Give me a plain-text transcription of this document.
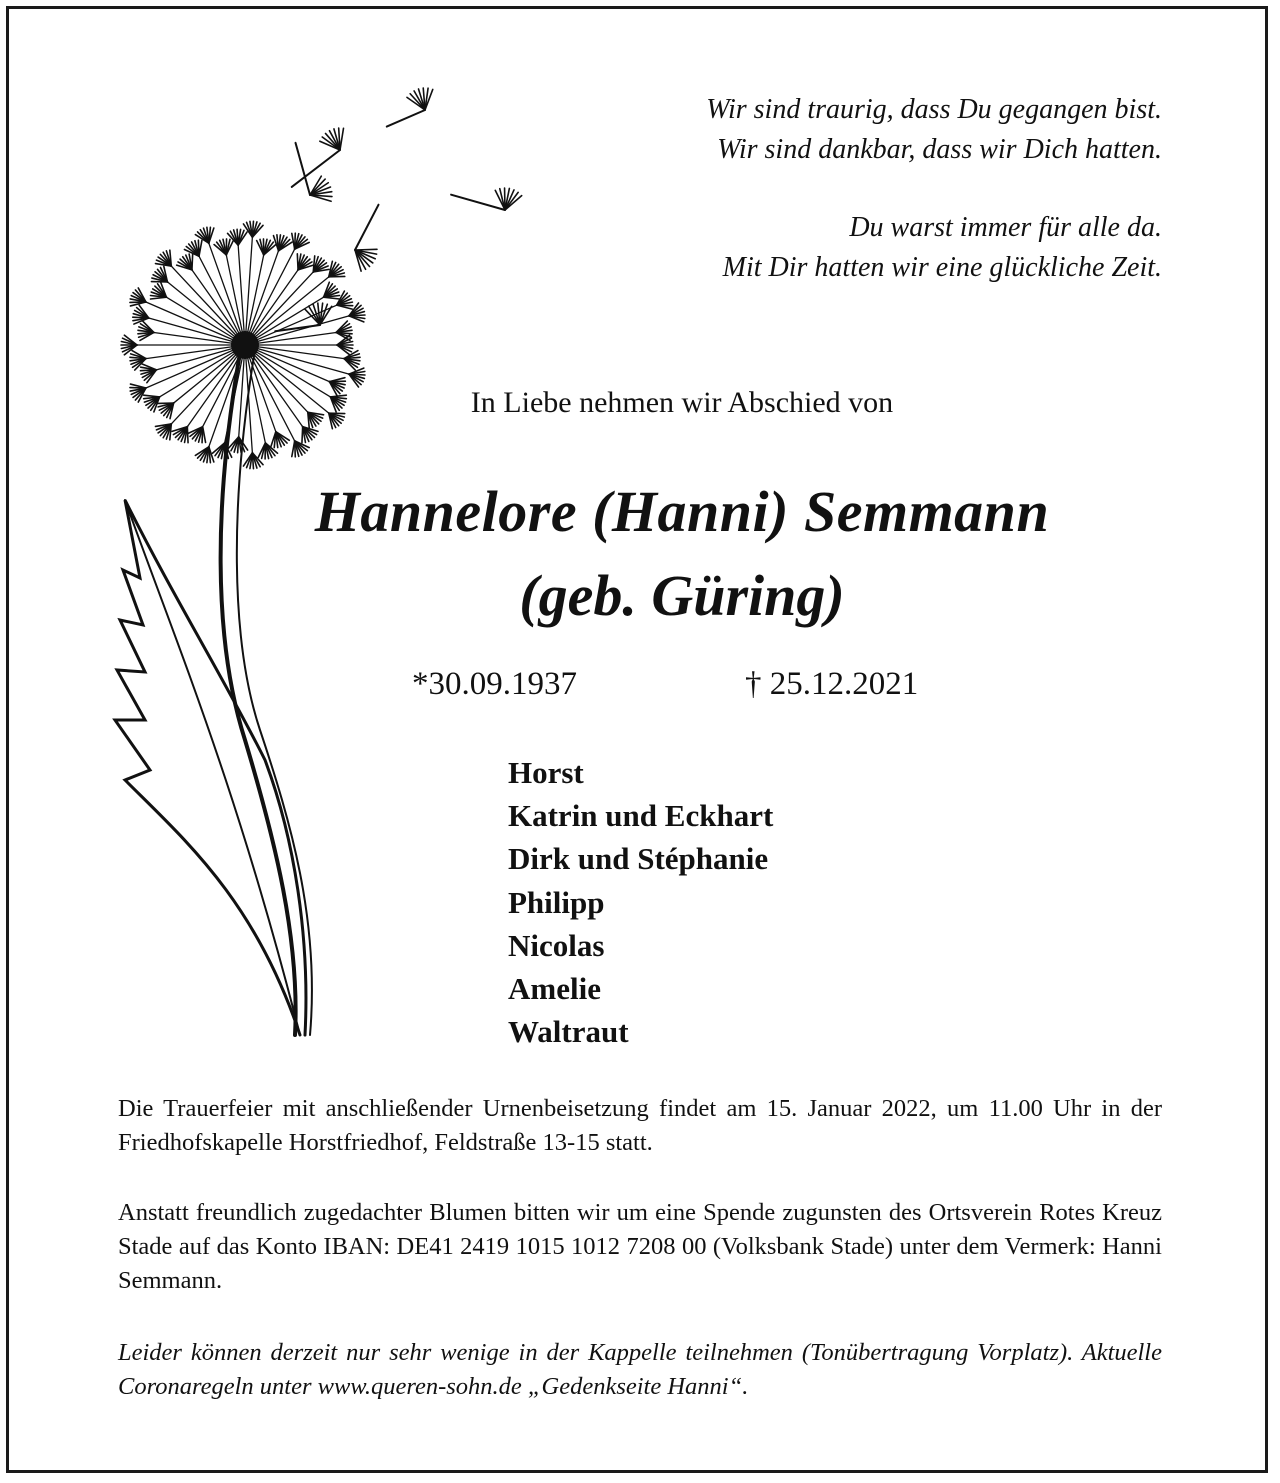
Wir sind traurig, dass Du gegangen bist.
Wir sind dankbar, dass wir Dich hatten.

Du warst immer für alle da.
Mit Dir hatten wir eine glückliche Zeit.

In Liebe nehmen wir Abschied von
Hannelore (Hanni) Semmann
(geb. Güring)
*30.09.1937	† 25.12.2021
Horst
Katrin und Eckhart
Dirk und Stéphanie
Philipp
Nicolas
Amelie
Waltraut
Die Trauerfeier mit anschließender Urnenbeisetzung findet am 15. Januar 2022, um 11.00 Uhr in der Friedhofskapelle Horstfriedhof, Feldstraße 13-15 statt.
Anstatt freundlich zugedachter Blumen bitten wir um eine Spende zugunsten des Ortsverein Rotes Kreuz Stade auf das Konto IBAN: DE41 2419 1015 1012 7208 00 (Volksbank Stade) unter dem Vermerk: Hanni Semmann.
Leider können derzeit nur sehr wenige in der Kappelle teilnehmen (Tonübertragung Vorplatz). Aktuelle Coronaregeln unter www.queren-sohn.de „Gedenkseite Hanni“.
